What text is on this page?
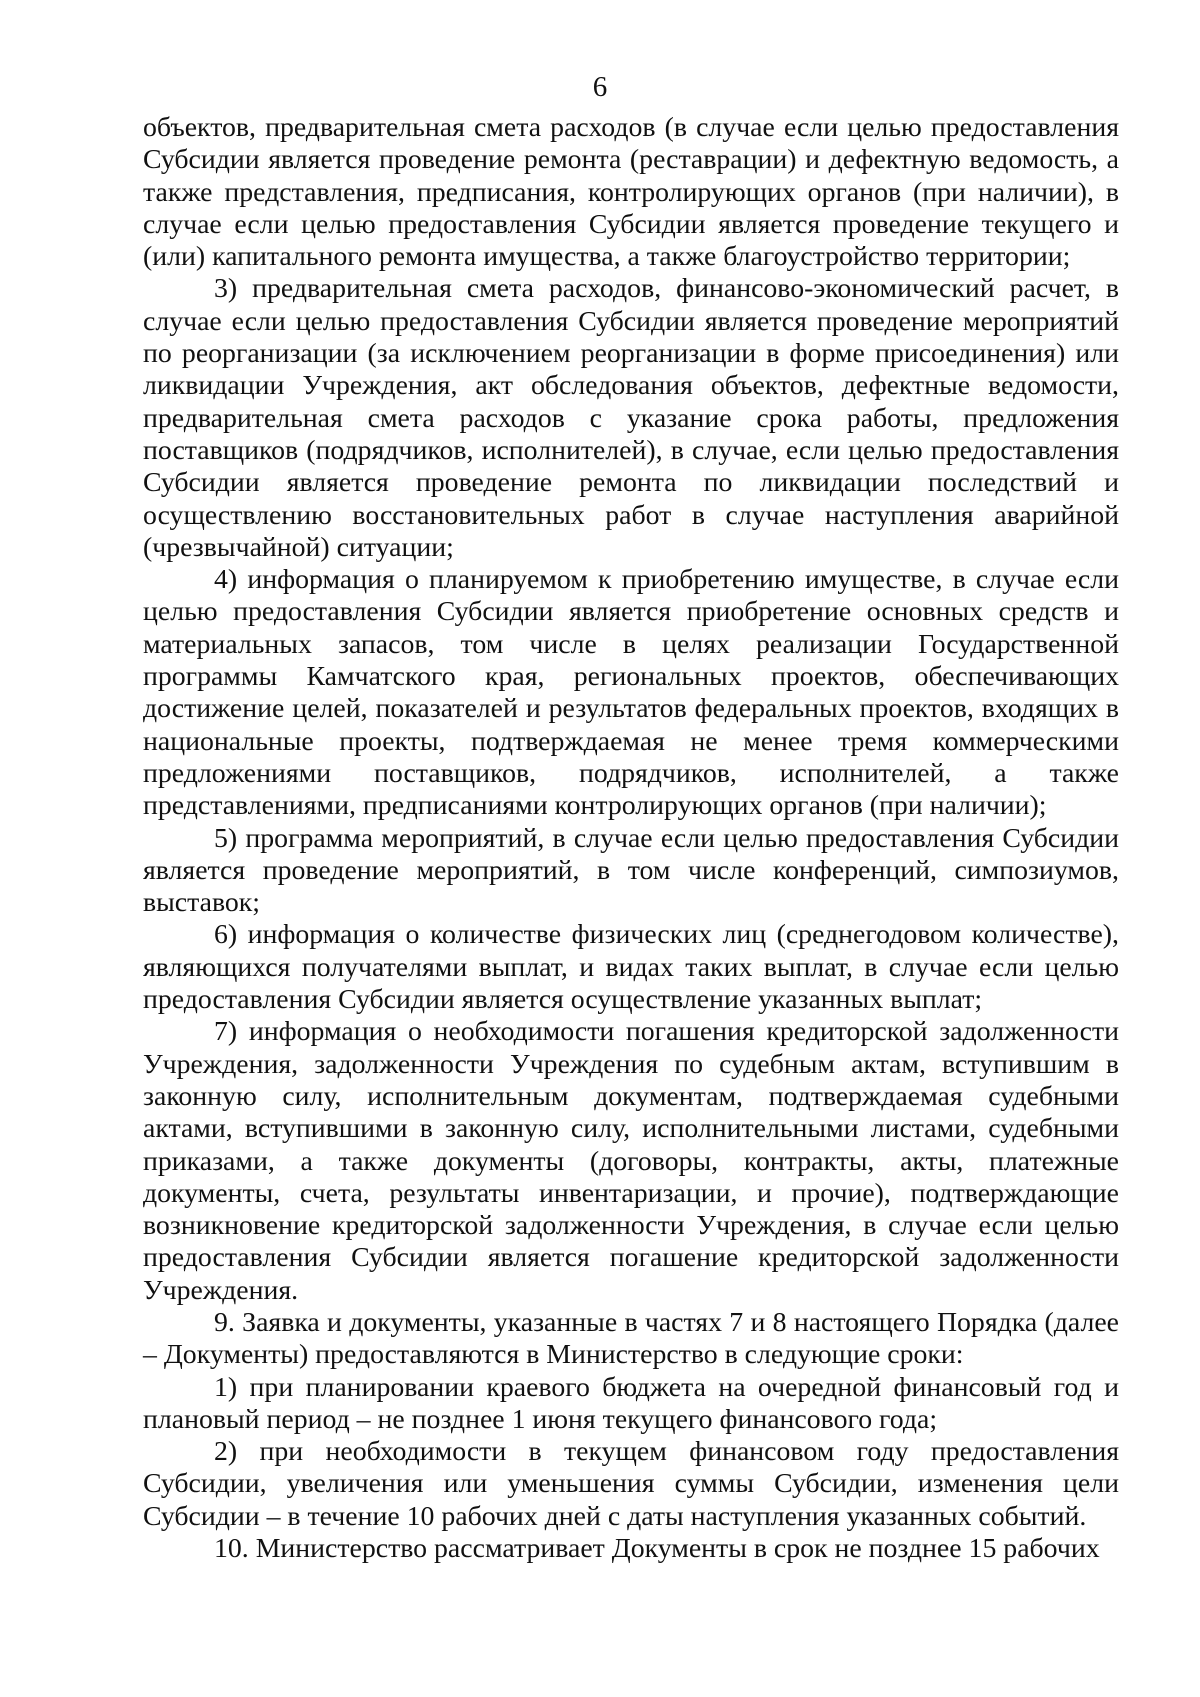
6

объектов, предварительная смета расходов (в случае если целью предоставления Субсидии является проведение ремонта (реставрации) и дефектную ведомость, а также представления, предписания, контролирующих органов (при наличии), в случае если целью предоставления Субсидии является проведение текущего и (или) капитального ремонта имущества, а также благоустройство территории;

3) предварительная смета расходов, финансово-экономический расчет, в случае если целью предоставления Субсидии является проведение мероприятий по реорганизации (за исключением реорганизации в форме присоединения) или ликвидации Учреждения, акт обследования объектов, дефектные ведомости, предварительная смета расходов с указание срока работы, предложения поставщиков (подрядчиков, исполнителей), в случае, если целью предоставления Субсидии является проведение ремонта по ликвидации последствий и осуществлению восстановительных работ в случае наступления аварийной (чрезвычайной) ситуации;

4) информация о планируемом к приобретению имуществе, в случае если целью предоставления Субсидии является приобретение основных средств и материальных запасов, том числе в целях реализации Государственной программы Камчатского края, региональных проектов, обеспечивающих достижение целей, показателей и результатов федеральных проектов, входящих в национальные проекты, подтверждаемая не менее тремя коммерческими предложениями поставщиков, подрядчиков, исполнителей, а также представлениями, предписаниями контролирующих органов (при наличии);

5) программа мероприятий, в случае если целью предоставления Субсидии является проведение мероприятий, в том числе конференций, симпозиумов, выставок;

6) информация о количестве физических лиц (среднегодовом количестве), являющихся получателями выплат, и видах таких выплат, в случае если целью предоставления Субсидии является осуществление указанных выплат;

7) информация о необходимости погашения кредиторской задолженности Учреждения, задолженности Учреждения по судебным актам, вступившим в законную силу, исполнительным документам, подтверждаемая судебными актами, вступившими в законную силу, исполнительными листами, судебными приказами, а также документы (договоры, контракты, акты, платежные документы, счета, результаты инвентаризации, и прочие), подтверждающие возникновение кредиторской задолженности Учреждения, в случае если целью предоставления Субсидии является погашение кредиторской задолженности Учреждения.

9. Заявка и документы, указанные в частях 7 и 8 настоящего Порядка (далее – Документы) предоставляются в Министерство в следующие сроки:

1) при планировании краевого бюджета на очередной финансовый год и плановый период – не позднее 1 июня текущего финансового года;

2) при необходимости в текущем финансовом году предоставления Субсидии, увеличения или уменьшения суммы Субсидии, изменения цели Субсидии – в течение 10 рабочих дней с даты наступления указанных событий.

10. Министерство рассматривает Документы в срок не позднее 15 рабочих
